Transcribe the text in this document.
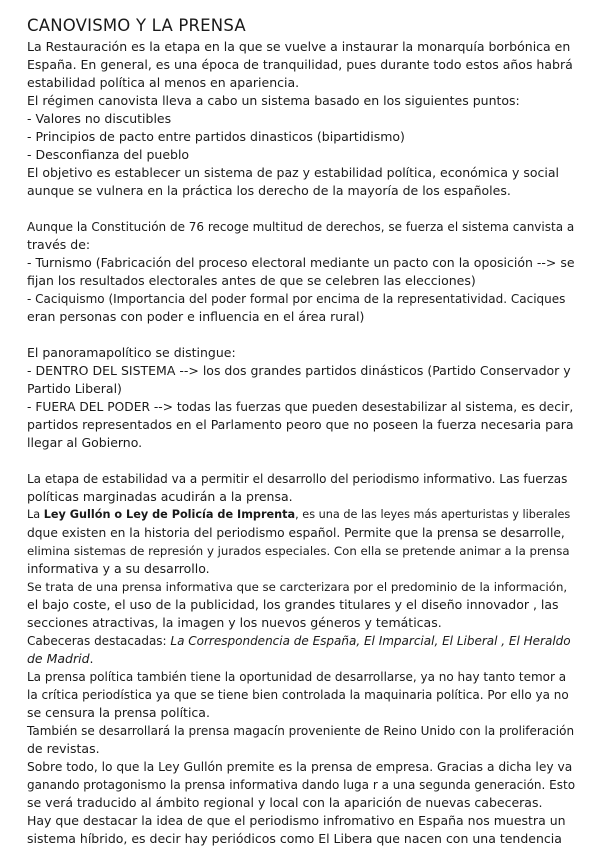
CANOVISMO Y LA PRENSA

La Restauración es la etapa en la que se vuelve a instaurar la monarquía borbónica en

España. En general, es una época de tranquilidad, pues durante todo estos años habrá

estabilidad política al menos en apariencia.

El régimen canovista lleva a cabo un sistema basado en los siguientes puntos:

- Valores no discutibles

- Principios de pacto entre partidos dinasticos (bipartidismo)

- Desconfianza del pueblo

El objetivo es establecer un sistema de paz y estabilidad política, económica y social

aunque se vulnera en la práctica los derecho de la mayoría de los españoles.

Aunque la Constitución de 76 recoge multitud de derechos, se fuerza el sistema canvista a

través de:

- Turnismo (Fabricación del proceso electoral mediante un pacto con la oposición --> se

fijan los resultados electorales antes de que se celebren las elecciones)

- Caciquismo (Importancia del poder formal por encima de la representatividad. Caciques

eran personas con poder e influencia en el área rural)

El panoramapolítico se distingue:

- DENTRO DEL SISTEMA --> los dos grandes partidos dinásticos (Partido Conservador y

Partido Liberal)

- FUERA DEL PODER --> todas las fuerzas que pueden desestabilizar al sistema, es decir,

partidos representados en el Parlamento peoro que no poseen la fuerza necesaria para

llegar al Gobierno.

La etapa de estabilidad va a permitir el desarrollo del periodismo informativo. Las fuerzas

políticas marginadas acudirán a la prensa.

La Ley Gullón o Ley de Policía de Imprenta, es una de las leyes más aperturistas y liberales

dque existen en la historia del periodismo español. Permite que la prensa se desarrolle,

elimina sistemas de represión y jurados especiales. Con ella se pretende animar a la prensa

informativa y a su desarrollo.

Se trata de una prensa informativa que se carcterizara por el predominio de la información,

el bajo coste, el uso de la publicidad, los grandes titulares y el diseño innovador , las

secciones atractivas, la imagen y los nuevos géneros y temáticas.

Cabeceras destacadas: La Correspondencia de España, El Imparcial, El Liberal , El Heraldo

de Madrid.

La prensa política también tiene la oportunidad de desarrollarse, ya no hay tanto temor a

la crítica periodística ya que se tiene bien controlada la maquinaria política. Por ello ya no

se censura la prensa política.

También se desarrollará la prensa magacín proveniente de Reino Unido con la proliferación

de revistas.

Sobre todo, lo que la Ley Gullón premite es la prensa de empresa. Gracias a dicha ley va

ganando protagonismo la prensa informativa dando luga r a una segunda generación. Esto

se verá traducido al ámbito regional y local con la aparición de nuevas cabeceras.

Hay que destacar la idea de que el periodismo infromativo en España nos muestra un

sistema híbrido, es decir hay periódicos como El Libera que nacen con una tendencia
